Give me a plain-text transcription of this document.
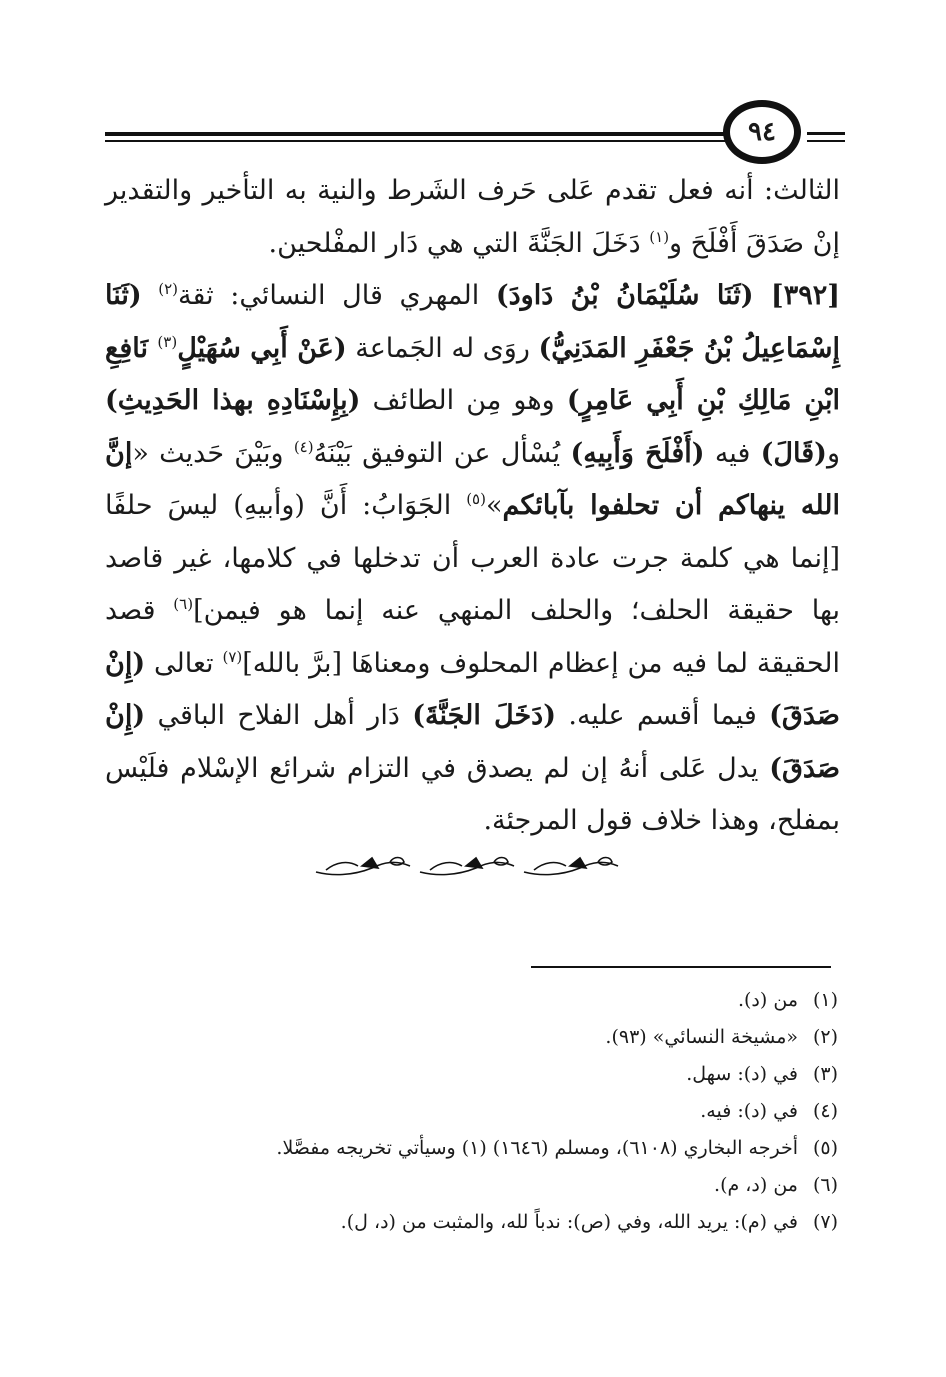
٩٤

الثالث: أنه فعل تقدم عَلى حَرف الشَرط والنية به التأخير والتقدير إنْ صَدَقَ أَفْلَحَ و$^{(١)}$ دَخَلَ الجَنَّةَ التي هي دَار المفْلحين.

[٣٩٢] (ثَنَا سُلَيْمَانُ بْنُ دَاودَ) المهري قال النسائي: ثقة$^{(٢)}$ (ثَنَا إِسْمَاعِيلُ بْنُ جَعْفَرِ المَدَنِيُّ) روَى له الجَماعة (عَنْ أَبِي سُهَيْلٍ$^{(٣)}$ نَافِعِ ابْنِ مَالِكِ بْنِ أَبِي عَامِرٍ) وهو مِن الطائف (بِإِسْنَادِهِ بهذا الحَدِيثِ) و(قَالَ) فيه (أَفْلَحَ وَأَبِيهِ) يُسْأل عن التوفيق بَيْنَهُ$^{(٤)}$ وبَيْنَ حَديث «إنَّ الله ينهاكم أن تحلفوا بآبائكم»$^{(٥)}$ الجَوَابُ: أَنَّ (وأبيهِ) ليسَ حلفًا [إنما هي كلمة جرت عادة العرب أن تدخلها في كلامها، غير قاصد بها حقيقة الحلف؛ والحلف المنهي عنه إنما هو فيمن]$^{(٦)}$ قصد الحقيقة لما فيه من إعظام المحلوف ومعناهَا [برَّ بالله]$^{(٧)}$ تعالى (إِنْ صَدَقَ) فيما أقسم عليه. (دَخَلَ الجَنَّةَ) دَار أهل الفلاح الباقي (إِنْ صَدَقَ) يدل عَلى أنهُ إن لم يصدق في التزام شرائع الإسْلام فلَيْس بمفلح، وهذا خلاف قول المرجئة.

(١)من (د).
(٢)«مشيخة النسائي» (٩٣).
(٣)في (د): سهل.
(٤)في (د): فيه.
(٥)أخرجه البخاري (٦١٠٨)، ومسلم (١٦٤٦) (١) وسيأتي تخريجه مفصَّلا.
(٦)من (د، م).
(٧)في (م): يريد الله، وفي (ص): ندباً لله، والمثبت من (د، ل).
